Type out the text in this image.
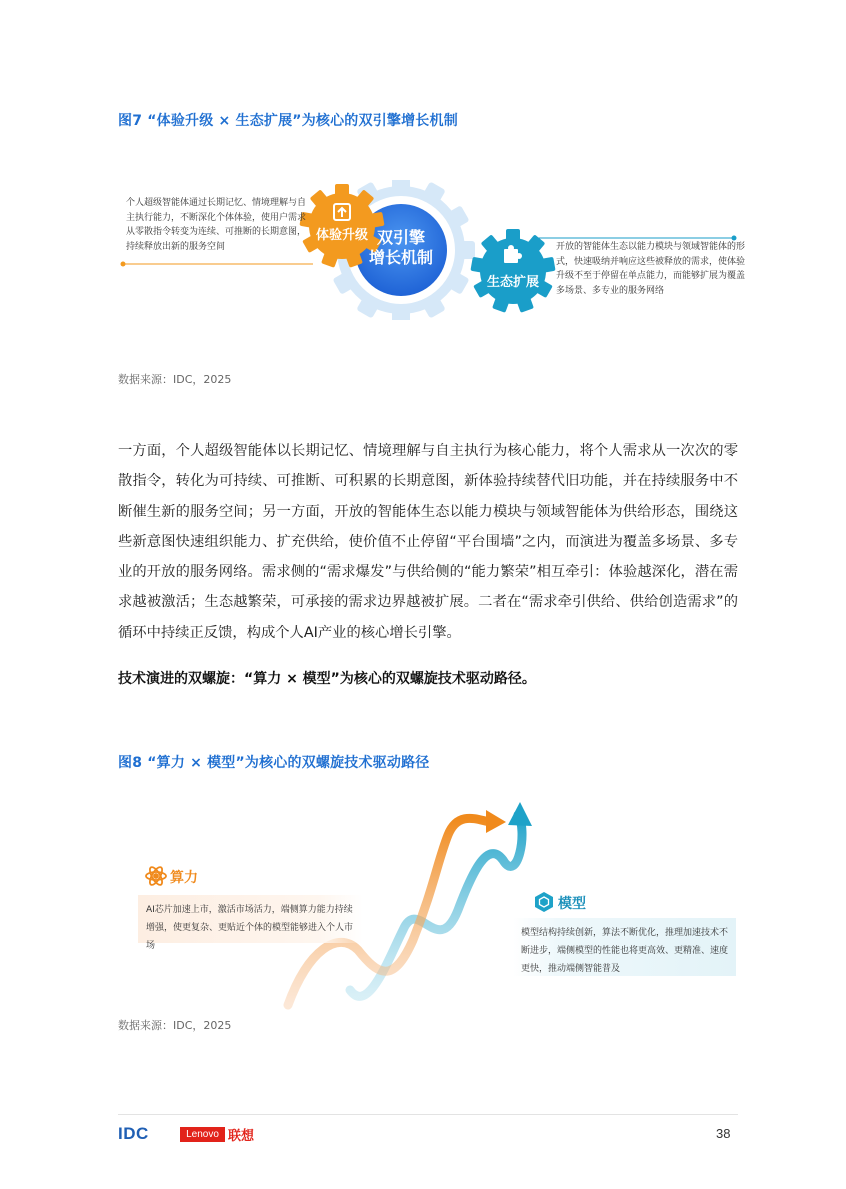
图7 “体验升级 × 生态扩展”为核心的双引擎增长机制
个人超级智能体通过长期记忆、情境理解与自主执行能力，不断深化个体体验，使用户需求从零散指令转变为连续、可推断的长期意图，持续释放出新的服务空间
体验升级 双引擎
增长机制
生态扩展
开放的智能体生态以能力模块与领域智能体的形式，快速吸纳并响应这些被释放的需求，使体验升级不至于停留在单点能力，而能够扩展为覆盖多场景、多专业的服务网络
数据来源：IDC，2025
一方面，个人超级智能体以长期记忆、情境理解与自主执行为核心能力，将个人需求从一次次的零散指令，转化为可持续、可推断、可积累的长期意图，新体验持续替代旧功能，并在持续服务中不断催生新的服务空间；另一方面，开放的智能体生态以能力模块与领域智能体为供给形态，围绕这些新意图快速组织能力、扩充供给，使价值不止停留“平台围墙”之内，而演进为覆盖多场景、多专业的开放的服务网络。需求侧的“需求爆发”与供给侧的“能力繁荣”相互牵引：体验越深化，潜在需求越被激活；生态越繁荣，可承接的需求边界越被扩展。二者在“需求牵引供给、供给创造需求”的循环中持续正反馈，构成个人AI产业的核心增长引擎。
技术演进的双螺旋：“算力 × 模型”为核心的双螺旋技术驱动路径。
图8 “算力 × 模型”为核心的双螺旋技术驱动路径
算力
AI芯片加速上市，激活市场活力，端侧算力能力持续增强，使更复杂、更贴近个体的模型能够进入个人市场
模型
模型结构持续创新，算法不断优化，推理加速技术不断进步，端侧模型的性能也将更高效、更精准、速度更快，推动端侧智能普及
数据来源：IDC，2025
IDC	Lenovo 联想	38
